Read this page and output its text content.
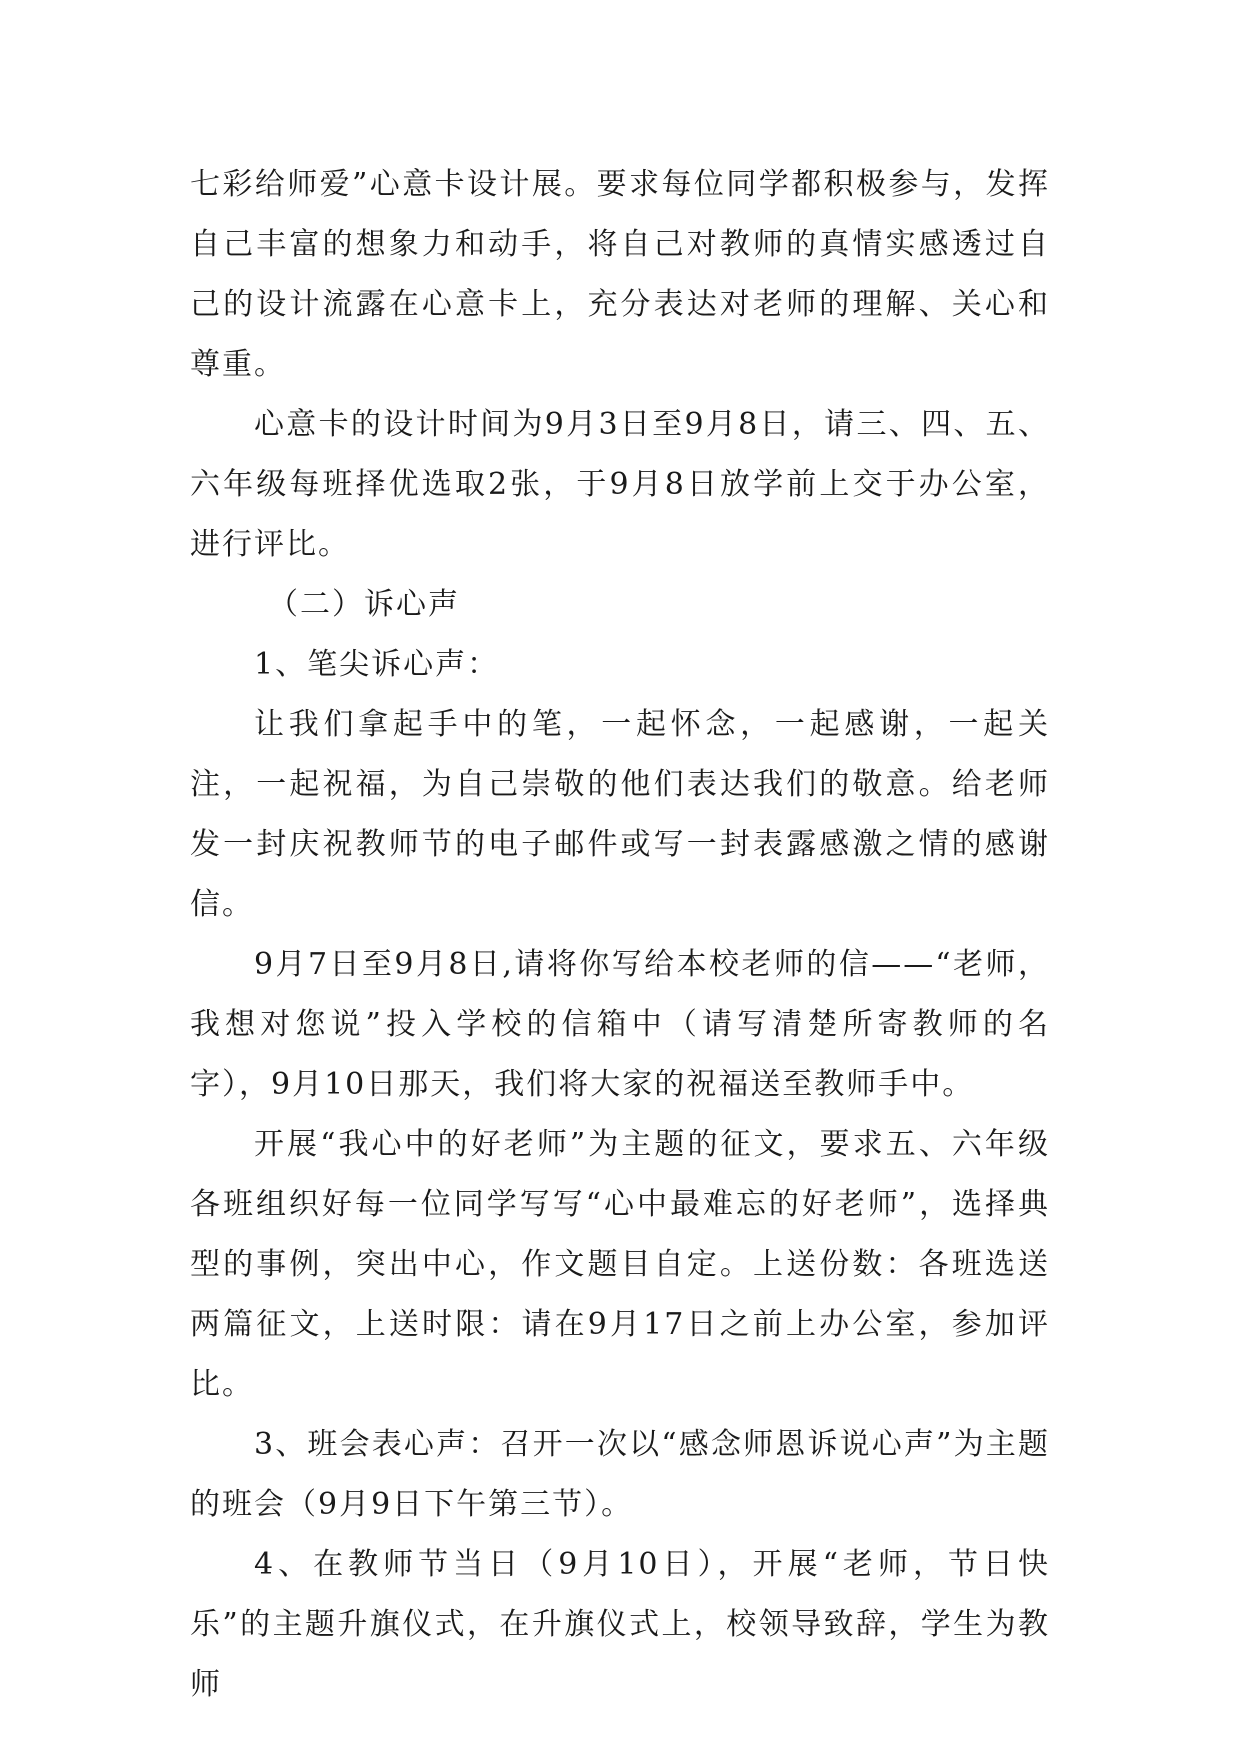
七彩给师爱”心意卡设计展。要求每位同学都积极参与，发挥自己丰富的想象力和动手，将自己对教师的真情实感透过自己的设计流露在心意卡上，充分表达对老师的理解、关心和尊重。

心意卡的设计时间为9月3日至9月8日，请三、四、五、六年级每班择优选取2张，于9月8日放学前上交于办公室，进行评比。

（二）诉心声

1、笔尖诉心声：

让我们拿起手中的笔，一起怀念，一起感谢，一起关注，一起祝福，为自己崇敬的他们表达我们的敬意。给老师发一封庆祝教师节的电子邮件或写一封表露感激之情的感谢信。

9月7日至9月8日,请将你写给本校老师的信——“老师，我想对您说”投入学校的信箱中（请写清楚所寄教师的名字），9月10日那天，我们将大家的祝福送至教师手中。

开展“我心中的好老师”为主题的征文，要求五、六年级各班组织好每一位同学写写“心中最难忘的好老师”，选择典型的事例，突出中心，作文题目自定。上送份数：各班选送两篇征文，上送时限：请在9月17日之前上办公室，参加评比。

3、班会表心声：召开一次以“感念师恩诉说心声”为主题的班会（9月9日下午第三节）。

4、在教师节当日（9月10日），开展“老师，节日快乐”的主题升旗仪式，在升旗仪式上，校领导致辞，学生为教师
